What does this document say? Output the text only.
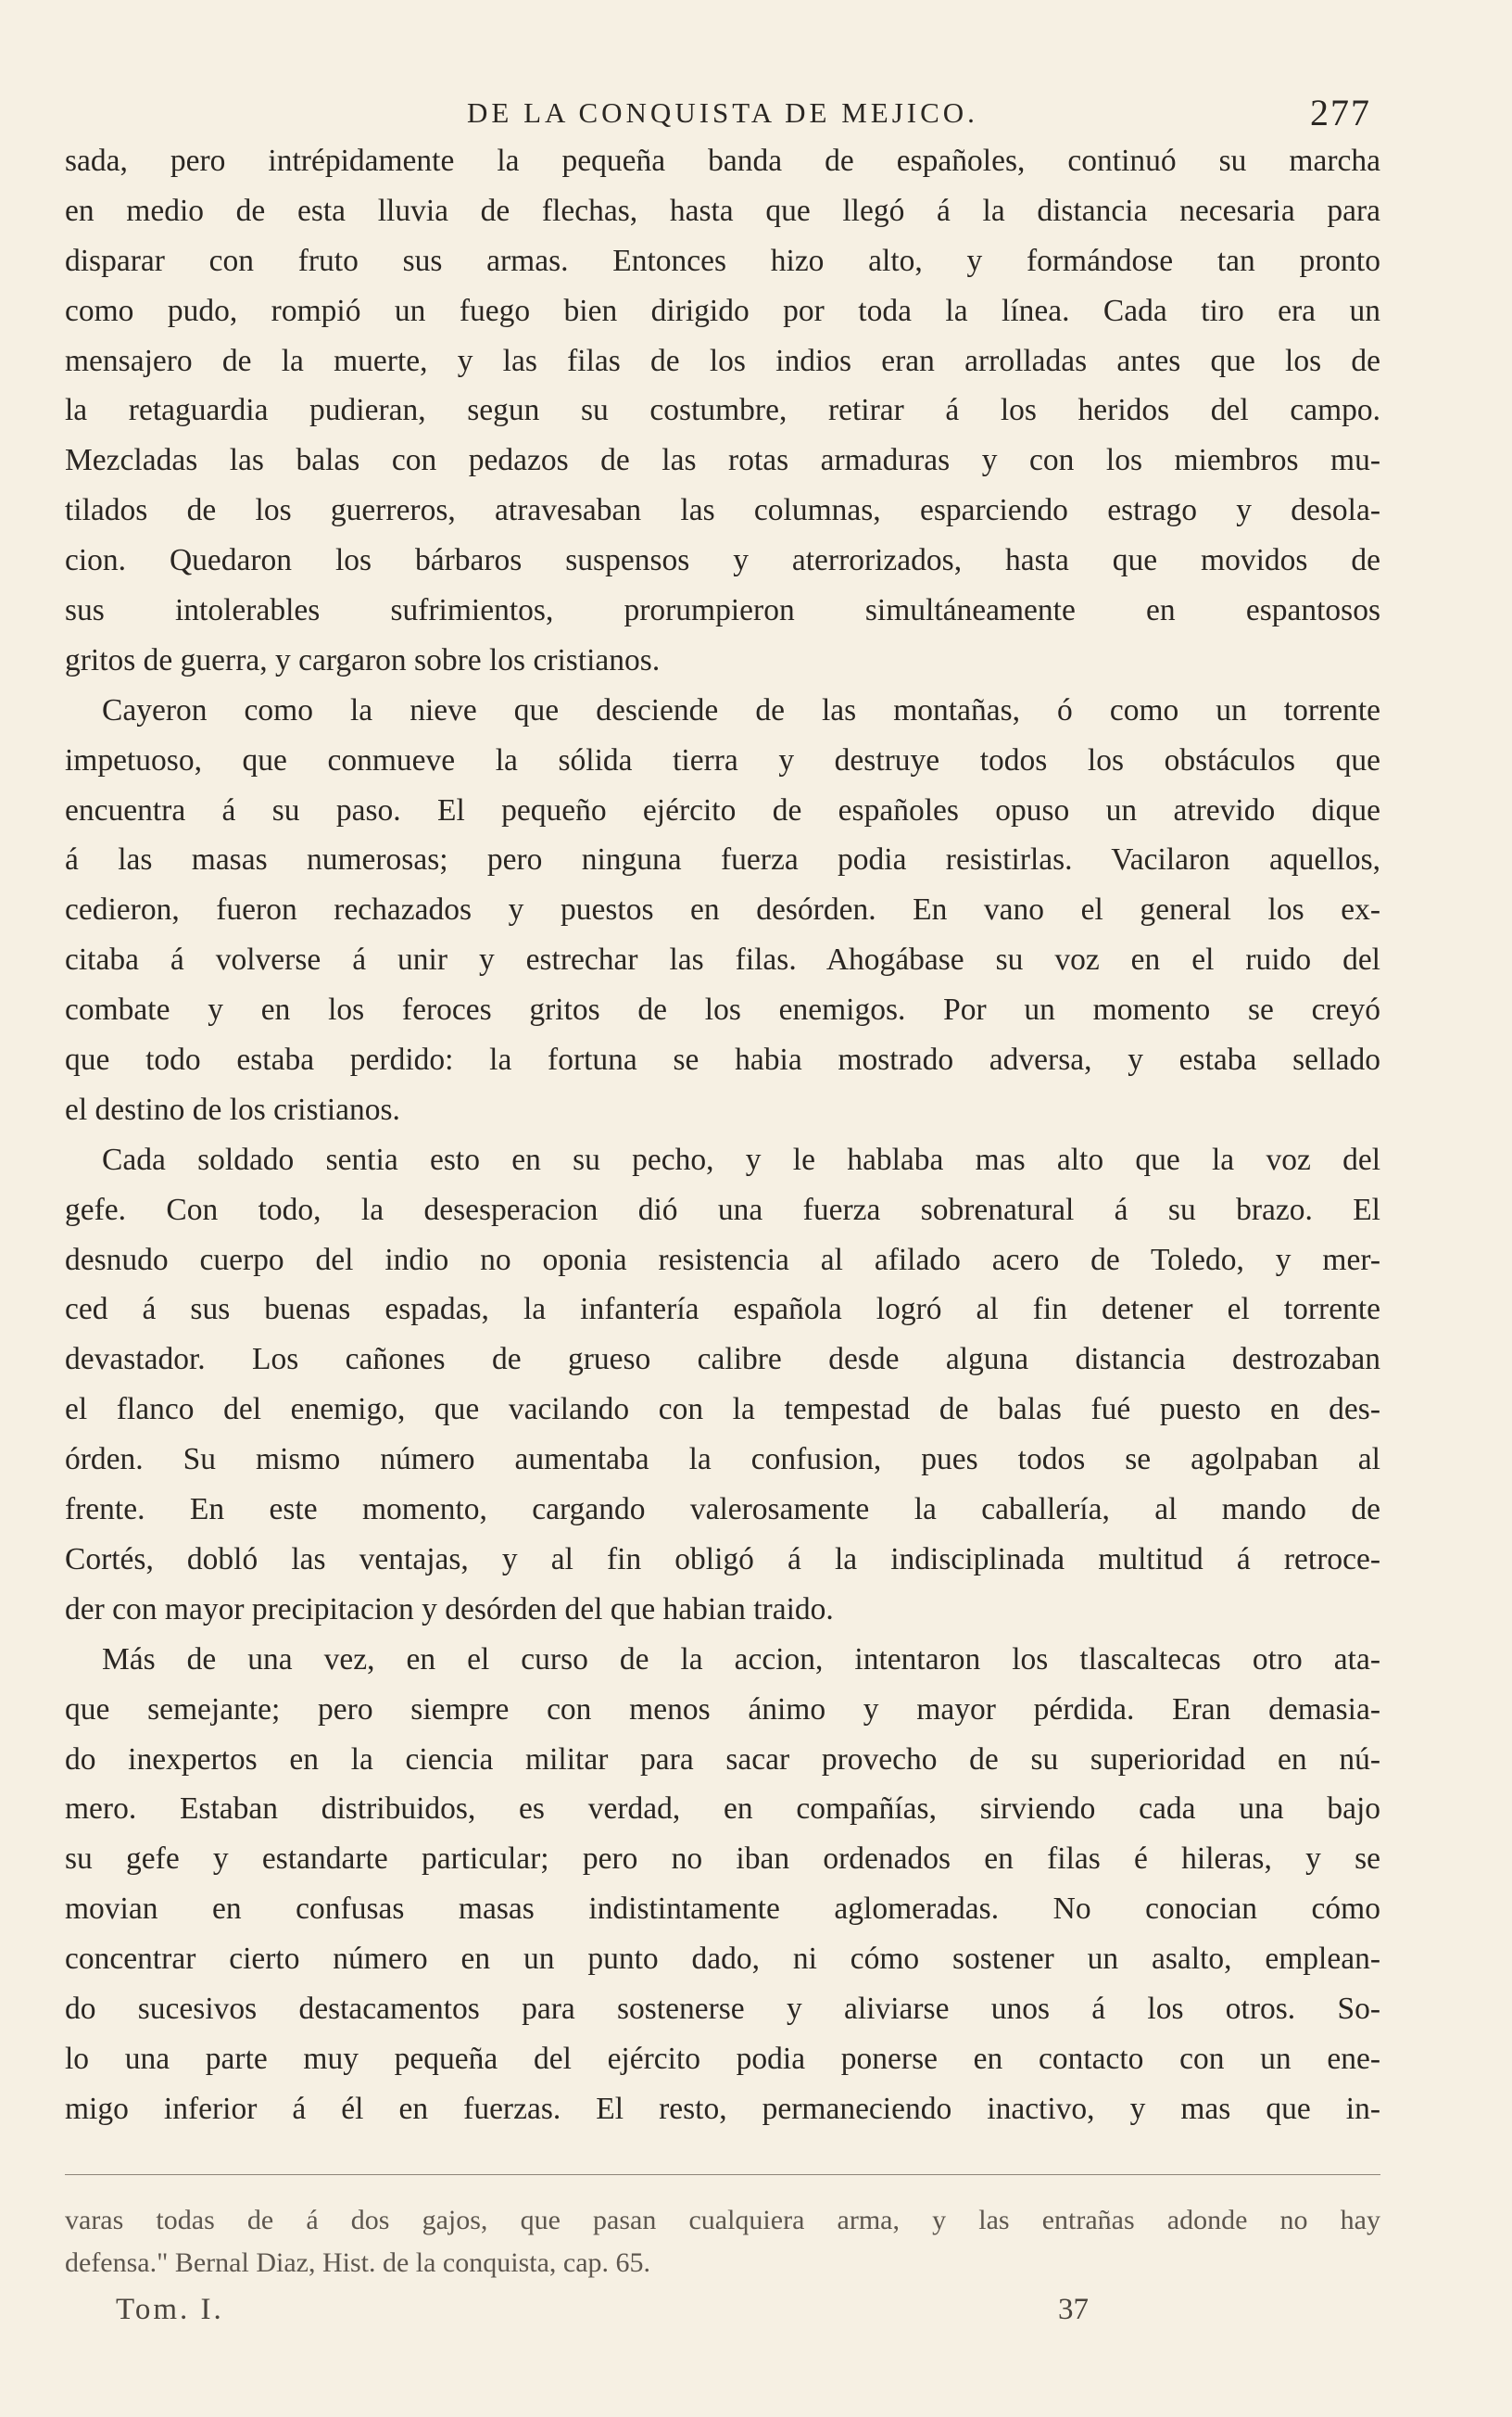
DE LA CONQUISTA DE MEJICO.	277
sada, pero intrépidamente la pequeña banda de españoles, continuó su marcha
en medio de esta lluvia de flechas, hasta que llegó á la distancia necesaria para
disparar con fruto sus armas. Entonces hizo alto, y formándose tan pronto
como pudo, rompió un fuego bien dirigido por toda la línea. Cada tiro era un
mensajero de la muerte, y las filas de los indios eran arrolladas antes que los de
la retaguardia pudieran, segun su costumbre, retirar á los heridos del campo.
Mezcladas las balas con pedazos de las rotas armaduras y con los miembros mu-
tilados de los guerreros, atravesaban las columnas, esparciendo estrago y desola-
cion. Quedaron los bárbaros suspensos y aterrorizados, hasta que movidos de
sus intolerables sufrimientos, prorumpieron simultáneamente en espantosos
gritos de guerra, y cargaron sobre los cristianos.
Cayeron como la nieve que desciende de las montañas, ó como un torrente
impetuoso, que conmueve la sólida tierra y destruye todos los obstáculos que
encuentra á su paso. El pequeño ejército de españoles opuso un atrevido dique
á las masas numerosas; pero ninguna fuerza podia resistirlas. Vacilaron aquellos,
cedieron, fueron rechazados y puestos en desórden. En vano el general los ex-
citaba á volverse á unir y estrechar las filas. Ahogábase su voz en el ruido del
combate y en los feroces gritos de los enemigos. Por un momento se creyó
que todo estaba perdido: la fortuna se habia mostrado adversa, y estaba sellado
el destino de los cristianos.
Cada soldado sentia esto en su pecho, y le hablaba mas alto que la voz del
gefe. Con todo, la desesperacion dió una fuerza sobrenatural á su brazo. El
desnudo cuerpo del indio no oponia resistencia al afilado acero de Toledo, y mer-
ced á sus buenas espadas, la infantería española logró al fin detener el torrente
devastador. Los cañones de grueso calibre desde alguna distancia destrozaban
el flanco del enemigo, que vacilando con la tempestad de balas fué puesto en des-
órden. Su mismo número aumentaba la confusion, pues todos se agolpaban al
frente. En este momento, cargando valerosamente la caballería, al mando de
Cortés, dobló las ventajas, y al fin obligó á la indisciplinada multitud á retroce-
der con mayor precipitacion y desórden del que habian traido.
Más de una vez, en el curso de la accion, intentaron los tlascaltecas otro ata-
que semejante; pero siempre con menos ánimo y mayor pérdida. Eran demasia-
do inexpertos en la ciencia militar para sacar provecho de su superioridad en nú-
mero. Estaban distribuidos, es verdad, en compañías, sirviendo cada una bajo
su gefe y estandarte particular; pero no iban ordenados en filas é hileras, y se
movian en confusas masas indistintamente aglomeradas. No conocian cómo
concentrar cierto número en un punto dado, ni cómo sostener un asalto, emplean-
do sucesivos destacamentos para sostenerse y aliviarse unos á los otros. So-
lo una parte muy pequeña del ejército podia ponerse en contacto con un ene-
migo inferior á él en fuerzas. El resto, permaneciendo inactivo, y mas que in-
varas todas de á dos gajos, que pasan cualquiera arma, y las entrañas adonde no hay
defensa." Bernal Diaz, Hist. de la conquista, cap. 65.
Tom. I.	37
